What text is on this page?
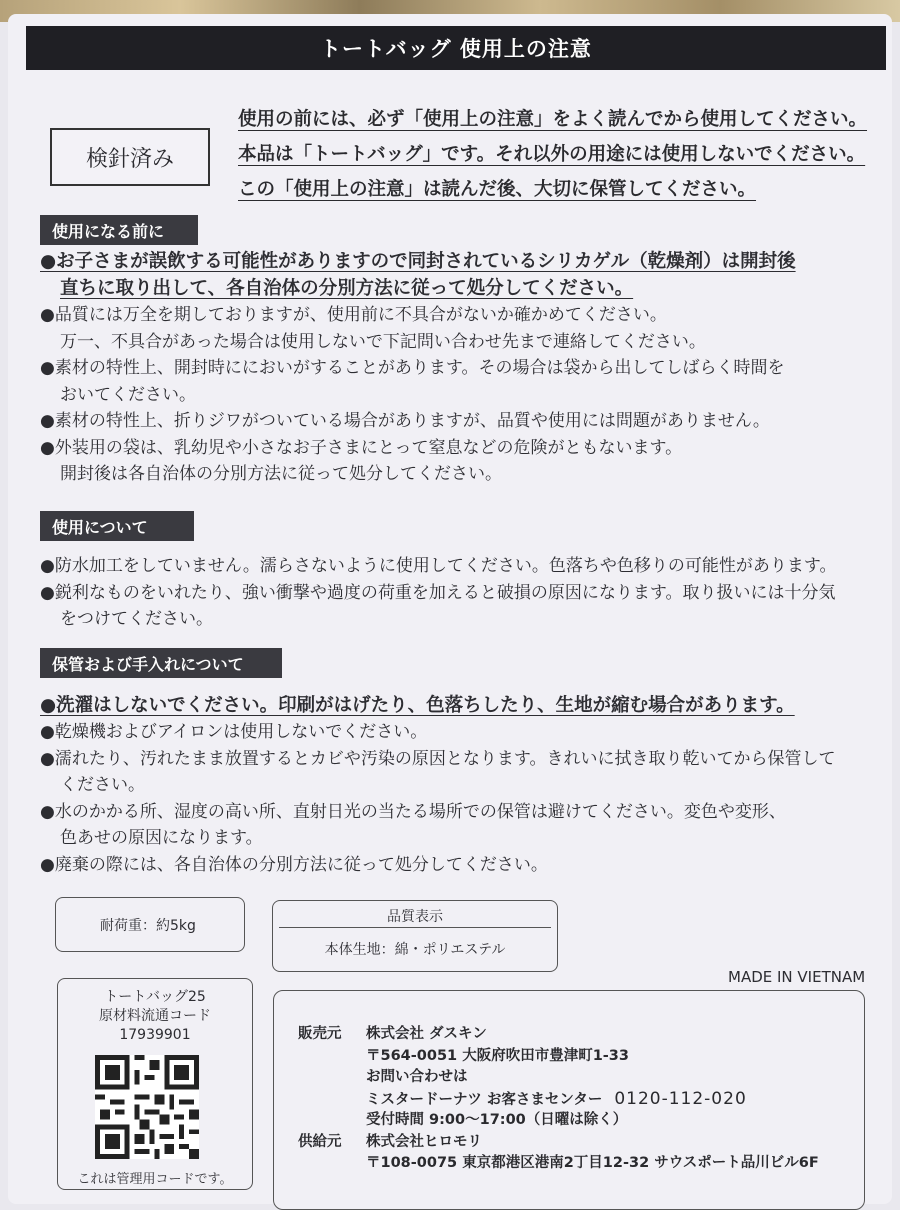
トートバッグ 使用上の注意
検針済み
使用の前には、必ず「使用上の注意」をよく読んでから使用してください。
本品は「トートバッグ」です。それ以外の用途には使用しないでください。
この「使用上の注意」は読んだ後、大切に保管してください。
使用になる前に
●お子さまが誤飲する可能性がありますので同封されているシリカゲル（乾燥剤）は開封後
直ちに取り出して、各自治体の分別方法に従って処分してください。
●品質には万全を期しておりますが、使用前に不具合がないか確かめてください。
万一、不具合があった場合は使用しないで下記問い合わせ先まで連絡してください。
●素材の特性上、開封時ににおいがすることがあります。その場合は袋から出してしばらく時間を
おいてください。
●素材の特性上、折りジワがついている場合がありますが、品質や使用には問題がありません。
●外装用の袋は、乳幼児や小さなお子さまにとって窒息などの危険がともないます。
開封後は各自治体の分別方法に従って処分してください。
使用について
●防水加工をしていません。濡らさないように使用してください。色落ちや色移りの可能性があります。
●鋭利なものをいれたり、強い衝撃や過度の荷重を加えると破損の原因になります。取り扱いには十分気
をつけてください。
保管および手入れについて
●洗濯はしないでください。印刷がはげたり、色落ちしたり、生地が縮む場合があります。
●乾燥機およびアイロンは使用しないでください。
●濡れたり、汚れたまま放置するとカビや汚染の原因となります。きれいに拭き取り乾いてから保管して
ください。
●水のかかる所、湿度の高い所、直射日光の当たる場所での保管は避けてください。変色や変形、
色あせの原因になります。
●廃棄の際には、各自治体の分別方法に従って処分してください。
耐荷重：約5kg
品質表示
本体生地：綿・ポリエステル
MADE IN VIETNAM
トートバッグ25
原材料流通コード
17939901
これは管理用コードです。
販売元 株式会社 ダスキン
〒564-0051 大阪府吹田市豊津町1-33
お問い合わせは
ミスタードーナツ お客さまセンター 0120-112-020
受付時間 9:00～17:00（日曜は除く）
供給元 株式会社ヒロモリ
〒108-0075 東京都港区港南2丁目12-32 サウスポート品川ビル6F
